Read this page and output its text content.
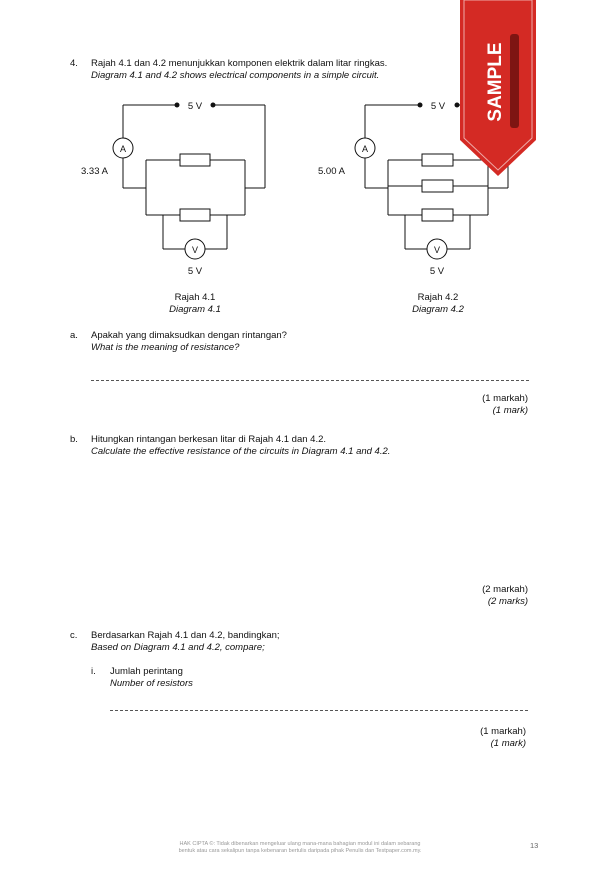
4. Rajah 4.1 dan 4.2 menunjukkan komponen elektrik dalam litar ringkas.
Diagram 4.1 and 4.2 shows electrical components in a simple circuit.
5 V
A
3.33 A
V
5 V
Rajah 4.1
Diagram 4.1
5 V
A
5.00 A
V
5 V
Rajah 4.2
Diagram 4.2
SAMPLE
a. Apakah yang dimaksudkan dengan rintangan?
What is the meaning of resistance?
(1 markah)
(1 mark)
b. Hitungkan rintangan berkesan litar di Rajah 4.1 dan 4.2.
Calculate the effective resistance of the circuits in Diagram 4.1 and 4.2.
(2 markah)
(2 marks)
c. Berdasarkan Rajah 4.1 dan 4.2, bandingkan;
Based on Diagram 4.1 and 4.2, compare;
i. Jumlah perintang
Number of resistors
(1 markah)
(1 mark)
HAK CIPTA ©: Tidak dibenarkan mengeluar ulang mana-mana bahagian modul ini dalam sebarang
bentuk atau cara sekalipun tanpa kebenaran bertulis daripada pihak Penulis dan Testpaper.com.my.
13
